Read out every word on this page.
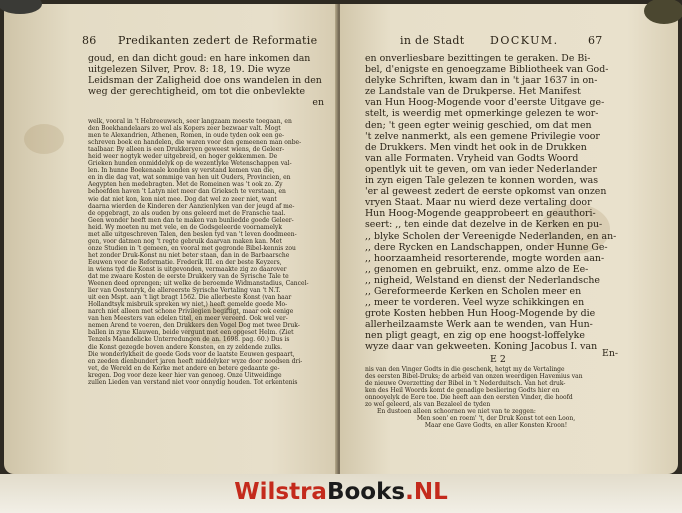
86 Predikanten zedert de Reformatie
goud, en dan dicht goud: en hare inkomen dan
uitgelezen Silver, Prov. 8: 18, 19. Die wyze
Leidsman der Zaligheid doe ons wandelen in den
weg der gerechtigheid, om tot die onbevlekte
en
welk, vooral in 't Hebreeuwsch, seer langzaam moeste toegaan, en
den Boekhandelaars zo wel als Kopers zeer bezwaar valt. Mogt
men te Alexandrien, Athenen, Romen, in oude tyden ook een ge-
schreven boek en handelen, die waren voor den gemeenen man onbe-
taalbaar. By alleen is een Drukkeryen geweest wiens, de Geleer-
heid weer nogtyk weder uitgebreid, en hoger gekkemmen. De
Grieken hunden onmiddelyk op de wezentlyke Wetenschappen val-
len. In hunne Boekenaale konden sy verstand kemen van die,
en in die dag vat, wat sommige van hen uit Ouders, Provincien, en
Aegypten hen medebragten. Met de Romeinen was 't ook zo. Zy
behoefden haven 't Latyn niet meer dan Grieksch te verstaan, en
wie dat niet kon, kon niet mee. Dog dat wel zo zeer niet, want
daarna wierden de Kinderen der Aanzienlyken van der jeugd af me-
de opgebragt, zo als ouden by ons geleerd met de Fransche taal.
Geen wonder heeft men dan te maken van bunliedde goede Geleer-
heid. Wy moeten nu met vele, en de Godsgeleerde voornamelyk
met alle uitgeschreven Talen, den beslen tyd van 't leven doodmeen-
gen, voor datmen nog 't regte gebruik daarvan maken kan. Met
onze Studien in 't gemeen, en vooral met gegronde Bibel-kennis zou
het zonder Druk-Konst nu niet beter staan, dan in de Barbaarsche
Eeuwen voor de Reformatie. Frederik III. en der beste Keyzers,
in wiens tyd die Konst is uitgevonden, vermaakte zig zo daarover
dat me zwaare Kosten de eerste Drukkery van de Syrische Tale te
Weenen deed oprengen; uit welke de beroemde Widmanstadius, Cancel-
lier van Oostenryk, de allereerste Syrische Vertaling van 't N.T.
uit een Mspt. aan 't ligt bragt 1562. Die allerbeste Konst (van haar
Hollandtsyk misbruik spreken wy niet,) heeft gemelde goede Mo-
narch niet alleen met schone Privilegien begiftigt, maar ook eenige
van hen Meesters van edelen titel, en meer vereerd. Ook wel ver-
nemen Arend te voeren, den Drukkers den Vogel Dog met twee Druk-
ballen in zyne Klauwen, beide vergunt met een opgeset Helm. (Ziet
Tenzels Maandelicke Unterredungen de an. 1698. pag. 60.) Dus is
die Konst gezegde boven andere Konsten, en zy zeldende zulks.
Die wonderlykheit de goede Gods voor de laatste Eeuwen gespaart,
en zeeden dienbundert jaren heeft middelyker wyze door noodsen dri-
vet, de Wereld en de Kerke met andere en betere gedaante ge-
kregen. Dog voor deze keer hier van genoeg. Onze Uitweidinge
zullen Lieden van verstand niet voor onnydig houden. Tot erkentenis
in de Stadt DOCKUM.	67
en onverliesbare bezittingen te geraken. De Bi-
bel, d'enigste en genoegzame Bibliotheek van God-
delyke Schriften, kwam dan in 't jaar 1637 in on-
ze Landstale van de Drukperse. Het Manifest
van Hun Hoog-Mogende voor d'eerste Uitgave ge-
stelt, is weerdig met opmerkinge gelezen te wor-
den; 't geen egter weinig geschied, om dat men
't zelve nanmerkt, als een gemene Privilegie voor
de Drukkers. Men vindt het ook in de Drukken
van alle Formaten. Vryheid van Godts Woord
opentlyk uit te geven, om van ieder Nederlander
in zyn eigen Tale gelezen te konnen worden, was
'er al geweest zedert de eerste opkomst van onzen
vryen Staat. Maar nu wierd deze vertaling door
Hun Hoog-Mogende geapprobeert en geauthori-
seert: ,, ten einde dat dezelve in de Kerken en pu-
,, blyke Scholen der Vereenigde Nederlanden, en an-
,, dere Rycken en Landschappen, onder Hunne Ge-
,, hoorzaamheid resorterende, mogte worden aan-
,, genomen en gebruikt, enz. omme alzo de Ee-
,, nigheid, Welstand en dienst der Nederlandsche
,, Gereformeerde Kerken en Scholen meer en
,, meer te vorderen. Veel wyze schikkingen en
grote Kosten hebben Hun Hoog-Mogende by die
allerheilzaamste Werk aan te wenden, van Hun-
nen pligt geagt, en zig op ene hoogst-loffelyke
wyze daar van gekweeten. Koning Jacobus I. van
E 2
En-
nis van den Vinger Godts in die geschenk, hetgt my de Vertalinge
des eersten Bibel-Druks; de arbeid van onzen weerdigen Havemius van
de nieuwe Overzetting der Bibel in 't Nederduitsch. Van het druk-
ken des Heil Woords komt de genadige besliering Godts hier en
onnooyelyk de Eere toe. Die heeft aan den eersten Vinder, die hoofd
zo wel geleerd, als van Bezaleel de tyden
En dustoen alleen schoornen we niet van te zeggen:
Men soen' en roem' 't, der Druk Konst tot een Loon,
Maar ene Gave Godts, en aller Konsten Kroon!
WilstraBooks.NL
